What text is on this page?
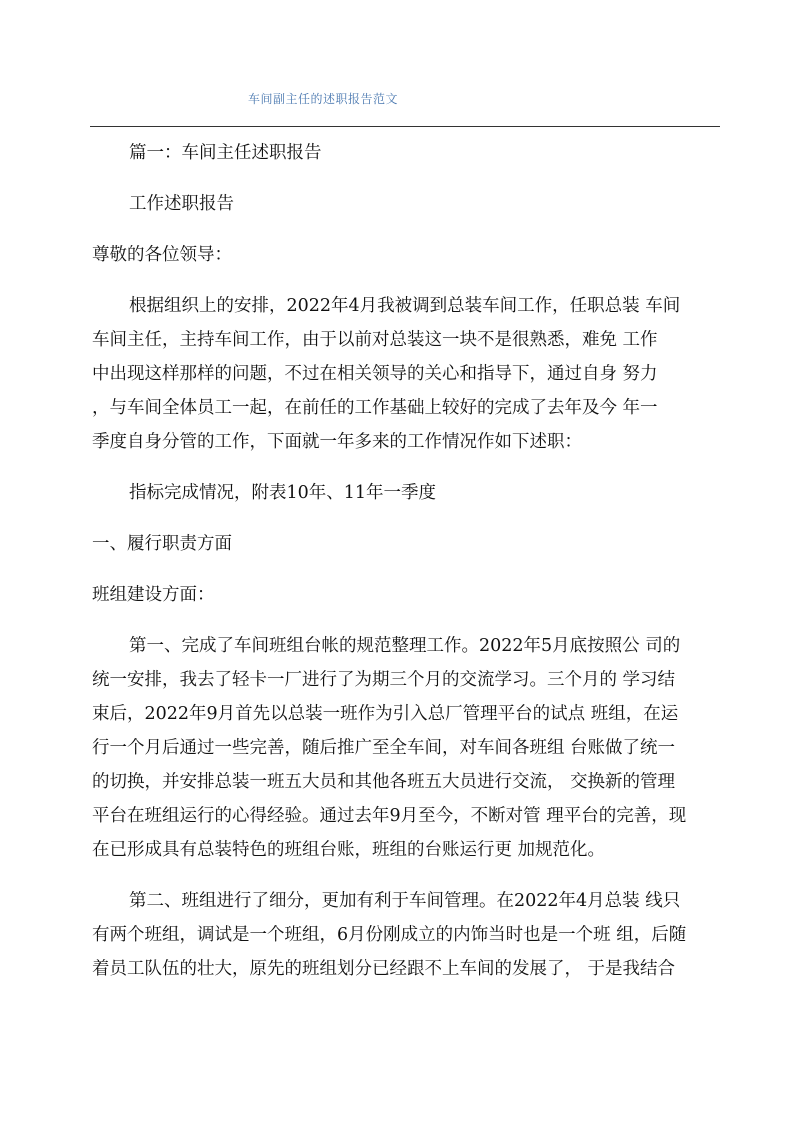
车间副主任的述职报告范文

篇一：车间主任述职报告

工作述职报告

尊敬的各位领导：

根据组织上的安排，2022年4月我被调到总装车间工作，任职总装 车间

车间主任，主持车间工作，由于以前对总装这一块不是很熟悉，难免 工作

中出现这样那样的问题，不过在相关领导的关心和指导下，通过自身 努力

，与车间全体员工一起，在前任的工作基础上较好的完成了去年及今 年一

季度自身分管的工作，下面就一年多来的工作情况作如下述职：

指标完成情况，附表10年、11年一季度

一、履行职责方面

班组建设方面：

第一、完成了车间班组台帐的规范整理工作。2022年5月底按照公 司的

统一安排，我去了轻卡一厂进行了为期三个月的交流学习。三个月的 学习结

束后，2022年9月首先以总装一班作为引入总厂管理平台的试点 班组，在运

行一个月后通过一些完善，随后推广至全车间，对车间各班组 台账做了统一

的切换，并安排总装一班五大员和其他各班五大员进行交流， 交换新的管理

平台在班组运行的心得经验。通过去年9月至今，不断对管 理平台的完善，现

在已形成具有总装特色的班组台账，班组的台账运行更 加规范化。

第二、班组进行了细分，更加有利于车间管理。在2022年4月总装 线只

有两个班组，调试是一个班组，6月份刚成立的内饰当时也是一个班 组，后随

着员工队伍的壮大，原先的班组划分已经跟不上车间的发展了， 于是我结合
